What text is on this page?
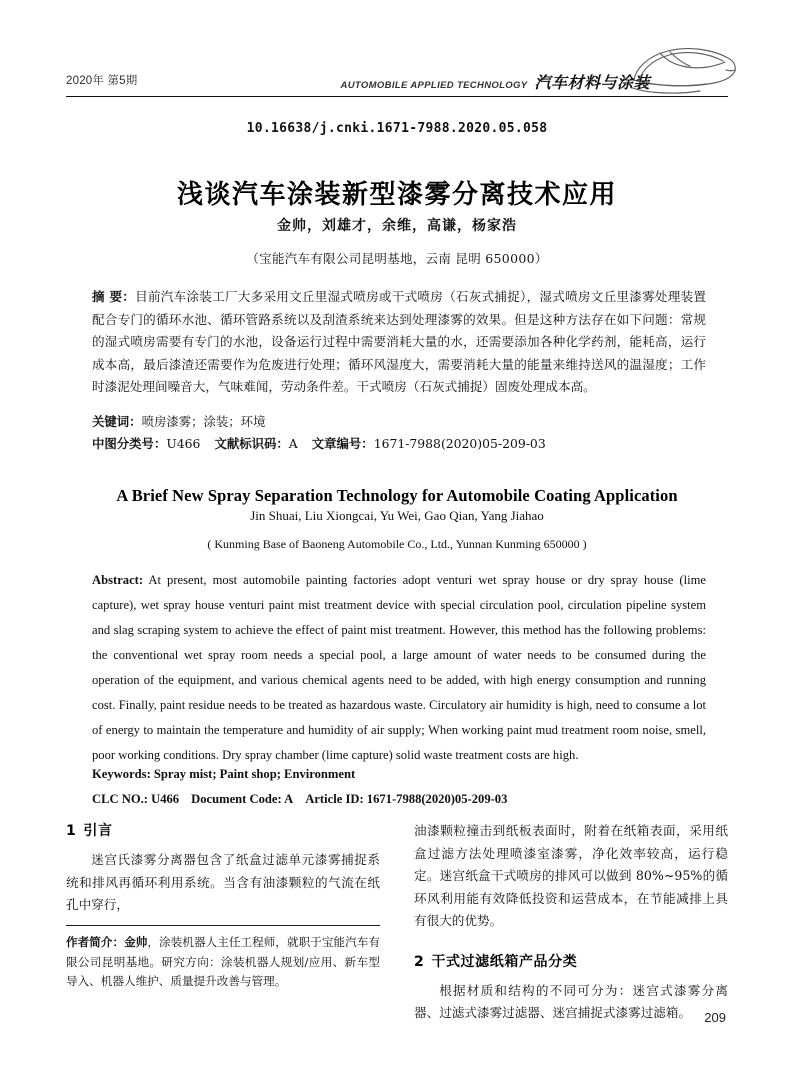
2020年 第5期	AUTOMOBILE APPLIED TECHNOLOGY 汽车材料与涂装
10.16638/j.cnki.1671-7988.2020.05.058
浅谈汽车涂装新型漆雾分离技术应用
金帅，刘雄才，余维，高谦，杨家浩
（宝能汽车有限公司昆明基地，云南 昆明 650000）
摘 要：目前汽车涂装工厂大多采用文丘里湿式喷房或干式喷房（石灰式捕捉），湿式喷房文丘里漆雾处理装置配合专门的循环水池、循环管路系统以及刮渣系统来达到处理漆雾的效果。但是这种方法存在如下问题：常规的湿式喷房需要有专门的水池，设备运行过程中需要消耗大量的水，还需要添加各种化学药剂，能耗高，运行成本高，最后漆渣还需要作为危废进行处理；循环风湿度大，需要消耗大量的能量来维持送风的温湿度；工作时漆泥处理间噪音大，气味难闻，劳动条件差。干式喷房（石灰式捕捉）固废处理成本高。
关键词：喷房漆雾；涂装；环境
中图分类号：U466 文献标识码：A 文章编号：1671-7988(2020)05-209-03
A Brief New Spray Separation Technology for Automobile Coating Application
Jin Shuai, Liu Xiongcai, Yu Wei, Gao Qian, Yang Jiahao
( Kunming Base of Baoneng Automobile Co., Ltd., Yunnan Kunming 650000 )
Abstract: At present, most automobile painting factories adopt venturi wet spray house or dry spray house (lime capture), wet spray house venturi paint mist treatment device with special circulation pool, circulation pipeline system and slag scraping system to achieve the effect of paint mist treatment. However, this method has the following problems: the conventional wet spray room needs a special pool, a large amount of water needs to be consumed during the operation of the equipment, and various chemical agents need to be added, with high energy consumption and running cost. Finally, paint residue needs to be treated as hazardous waste. Circulatory air humidity is high, need to consume a lot of energy to maintain the temperature and humidity of air supply; When working paint mud treatment room noise, smell, poor working conditions. Dry spray chamber (lime capture) solid waste treatment costs are high.
Keywords: Spray mist; Paint shop; Environment
CLC NO.: U466 Document Code: A Article ID: 1671-7988(2020)05-209-03
1 引言

迷宫氏漆雾分离器包含了纸盒过滤单元漆雾捕捉系统和排风再循环利用系统。当含有油漆颗粒的气流在纸孔中穿行，

油漆颗粒撞击到纸板表面时，附着在纸箱表面，采用纸盒过滤方法处理喷漆室漆雾，净化效率较高，运行稳定。迷宫纸盒干式喷房的排风可以做到 80%~95%的循环风利用能有效降低投资和运营成本，在节能减排上具有很大的优势。

2 干式过滤纸箱产品分类

根据材质和结构的不同可分为：迷宫式漆雾分离器、过滤式漆雾过滤器、迷宫捕捉式漆雾过滤箱。

作者简介：金帅，涂装机器人主任工程师，就职于宝能汽车有限公司昆明基地。研究方向：涂装机器人规划/应用、新车型导入、机器人维护、质量提升改善与管理。

209
